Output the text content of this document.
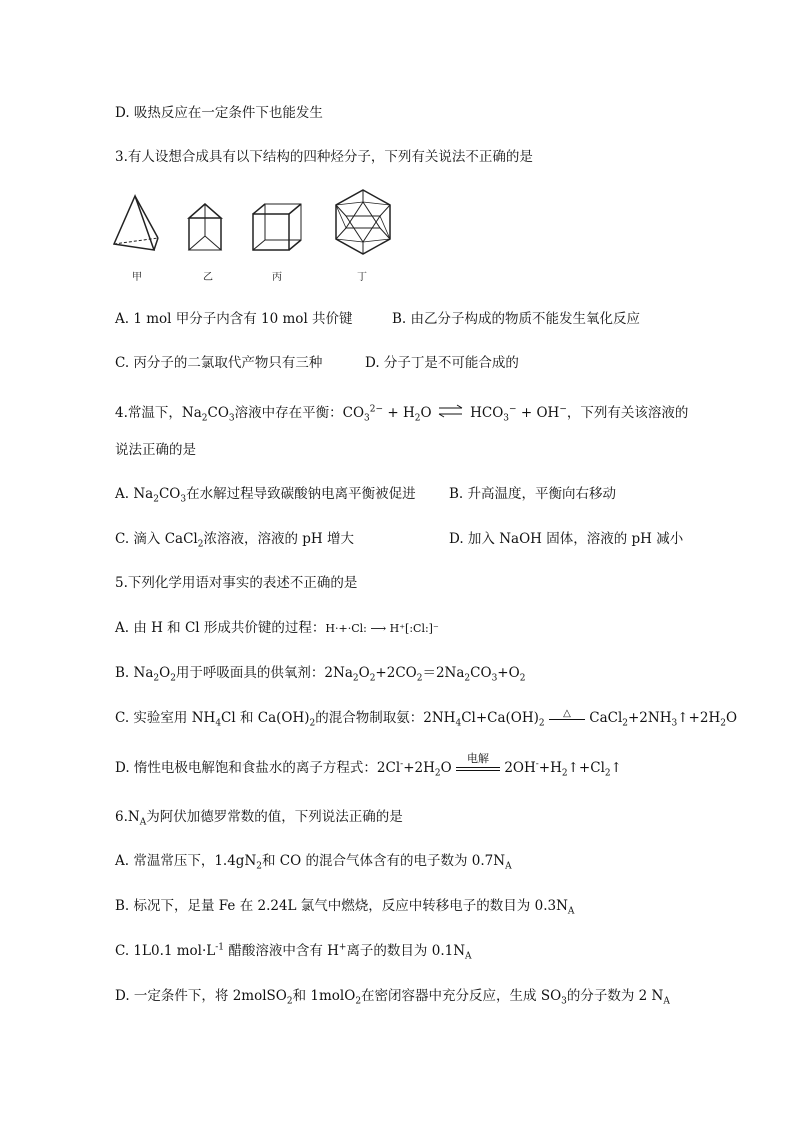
D. 吸热反应在一定条件下也能发生
3.有人设想合成具有以下结构的四种烃分子，下列有关说法不正确的是
甲	乙	丙	丁
A. 1 mol 甲分子内含有 10 mol 共价键	B. 由乙分子构成的物质不能发生氧化反应
C. 丙分子的二氯取代产物只有三种	D. 分子丁是不可能合成的
4.常温下，$Na_2CO_3$溶液中存在平衡：$CO_3^{2-} + H_2O$ ⇌ $HCO_3^- + OH^-$，下列有关该溶液的
说法正确的是
A. $Na_2CO_3$在水解过程导致碳酸钠电离平衡被促进 B. 升高温度，平衡向右移动
C. 滴入 CaCl$_2$浓溶液，溶液的 pH 增大	D. 加入 NaOH 固体，溶液的 pH 减小
5.下列化学用语对事实的表述不正确的是
A. 由 H 和 Cl 形成共价键的过程：H·+·Cl: ⟶ H⁺[:Cl:]⁻
B. $Na_2O_2$用于呼吸面具的供氧剂：$2Na_2O_2+2CO_2=2Na_2CO_3+O_2$
C. 实验室用 $NH_4Cl$ 和 $Ca(OH)_2$的混合物制取氨：$2NH_4Cl+Ca(OH)_2$
△	$CaCl_2+2NH_3↑+2H_2O$
D. 惰性电极电解饱和食盐水的离子方程式：$2Cl^-+2H_2O$
电解
$2OH^-+H_2↑+Cl_2↑$
$6.N_A$为阿伏加德罗常数的值，下列说法正确的是
A. 常温常压下，$1.4gN_2$和 CO 的混合气体含有的电子数为 $0.7N_A$
B. 标况下，足量 Fe 在 2.24L 氯气中燃烧，反应中转移电子的数目为 $0.3N_A$
C. 1L0.1 $mol\cdot L^{-1}$ 醋酸溶液中含有 H+离子的数目为 $0.1N_A$
D. 一定条件下，将 2molSO$_2$和 1molO$_2$在密闭容器中充分反应，生成 $SO_3$的分子数为 2 $N_A$
